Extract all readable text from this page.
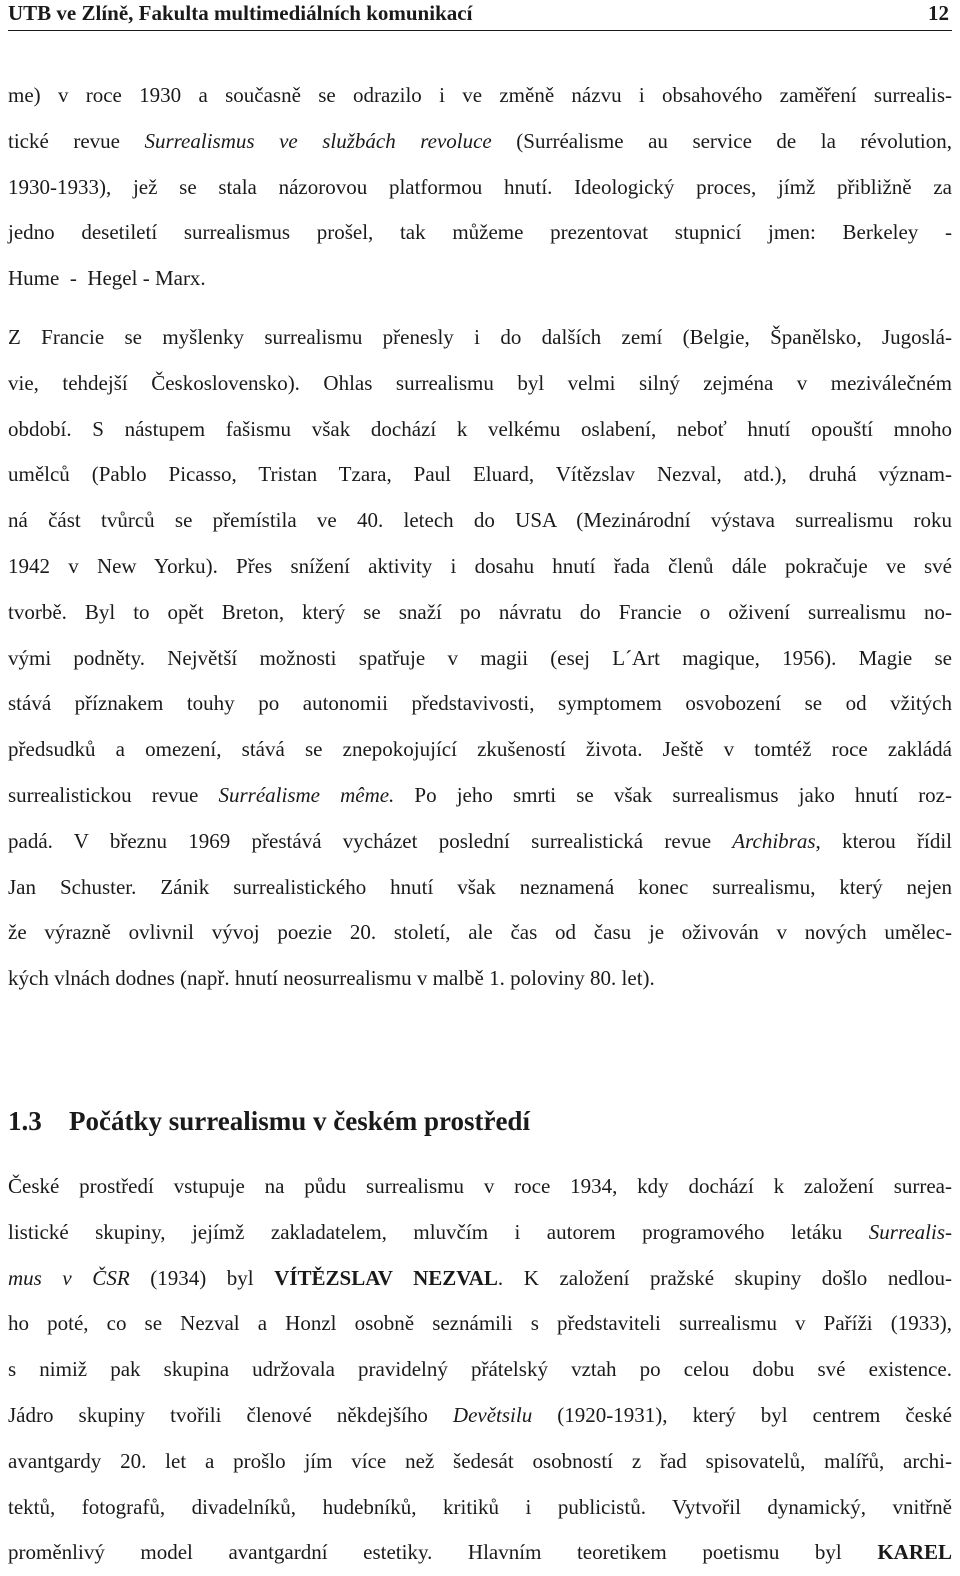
UTB ve Zlíně, Fakulta multimediálních komunikací	12

me) v roce 1930 a současně se odrazilo i ve změně názvu i obsahového zaměření surrealis-
tické revue Surrealismus ve službách revoluce (Surréalisme au service de la révolution,
1930-1933), jež se stala názorovou platformou hnutí. Ideologický proces, jímž přibližně za
jedno desetiletí surrealismus prošel, tak můžeme prezentovat stupnicí jmen: Berkeley -
Hume  -  Hegel - Marx.

Z Francie se myšlenky surrealismu přenesly i do dalších zemí (Belgie, Španělsko, Jugoslá-
vie, tehdejší Československo). Ohlas surrealismu byl velmi silný zejména v meziválečném
období. S nástupem fašismu však dochází k velkému oslabení, neboť hnutí opouští mnoho
umělců (Pablo Picasso, Tristan Tzara, Paul Eluard, Vítězslav Nezval, atd.), druhá význam-
ná část tvůrců se přemístila ve 40. letech do USA (Mezinárodní výstava surrealismu roku
1942 v New Yorku). Přes snížení aktivity i dosahu hnutí řada členů dále pokračuje ve své
tvorbě. Byl to opět Breton, který se snaží po návratu do Francie o oživení surrealismu no-
vými podněty. Největší možnosti spatřuje v magii (esej L´Art magique, 1956). Magie se
stává příznakem touhy po autonomii představivosti, symptomem osvobození se od vžitých
předsudků a omezení, stává se znepokojující zkušeností života. Ještě v tomtéž roce zakládá
surrealistickou revue Surréalisme même. Po jeho smrti se však surrealismus jako hnutí roz-
padá. V březnu 1969 přestává vycházet poslední surrealistická revue Archibras, kterou řídil
Jan Schuster. Zánik surrealistického hnutí však neznamená konec surrealismu, který nejen
že výrazně ovlivnil vývoj poezie 20. století, ale čas od času je oživován v nových umělec-
kých vlnách dodnes (např. hnutí neosurrealismu v malbě 1. poloviny 80. let).

1.3 Počátky surrealismu v českém prostředí

České prostředí vstupuje na půdu surrealismu v roce 1934, kdy dochází k založení surrea-
listické skupiny, jejímž zakladatelem, mluvčím i autorem programového letáku Surrealis-
mus v ČSR (1934) byl VÍTĚZSLAV NEZVAL. K založení pražské skupiny došlo nedlou-
ho poté, co se Nezval a Honzl osobně seznámili s představiteli surrealismu v Paříži (1933),
s nimiž pak skupina udržovala pravidelný přátelský vztah po celou dobu své existence.
Jádro skupiny tvořili členové někdejšího Devětsilu (1920-1931), který byl centrem české
avantgardy 20. let a prošlo jím více než šedesát osobností z řad spisovatelů, malířů, archi-
tektů, fotografů, divadelníků, hudebníků, kritiků i publicistů. Vytvořil dynamický, vnitřně
proměnlivý model avantgardní estetiky. Hlavním teoretikem poetismu byl KAREL
